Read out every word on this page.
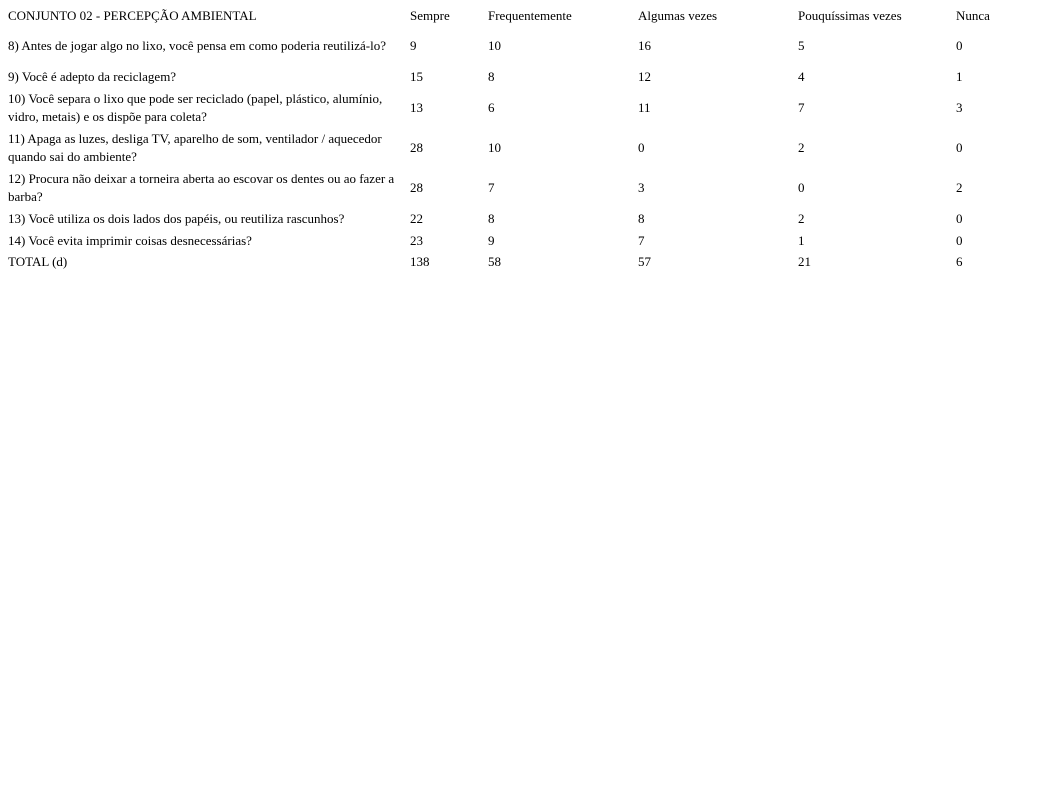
CONJUNTO 02 - PERCEPÇÃO AMBIENTAL	Sempre	Frequentemente	Algumas vezes	Pouquíssimas vezes	Nunca
8) Antes de jogar algo no lixo, você pensa em como poderia reutilizá-lo?	9	10	16	5	0
9) Você é adepto da reciclagem?	15	8	12	4	1
10) Você separa o lixo que pode ser reciclado (papel, plástico, alumínio, vidro, metais) e os dispõe para coleta?	13	6	11	7	3
11) Apaga as luzes, desliga TV, aparelho de som, ventilador / aquecedor quando sai do ambiente?	28	10	0	2	0
12) Procura não deixar a torneira aberta ao escovar os dentes ou ao fazer a barba?	28	7	3	0	2
13) Você utiliza os dois lados dos papéis, ou reutiliza rascunhos?	22	8	8	2	0
14) Você evita imprimir coisas desnecessárias?	23	9	7	1	0
TOTAL (d)	138	58	57	21	6
